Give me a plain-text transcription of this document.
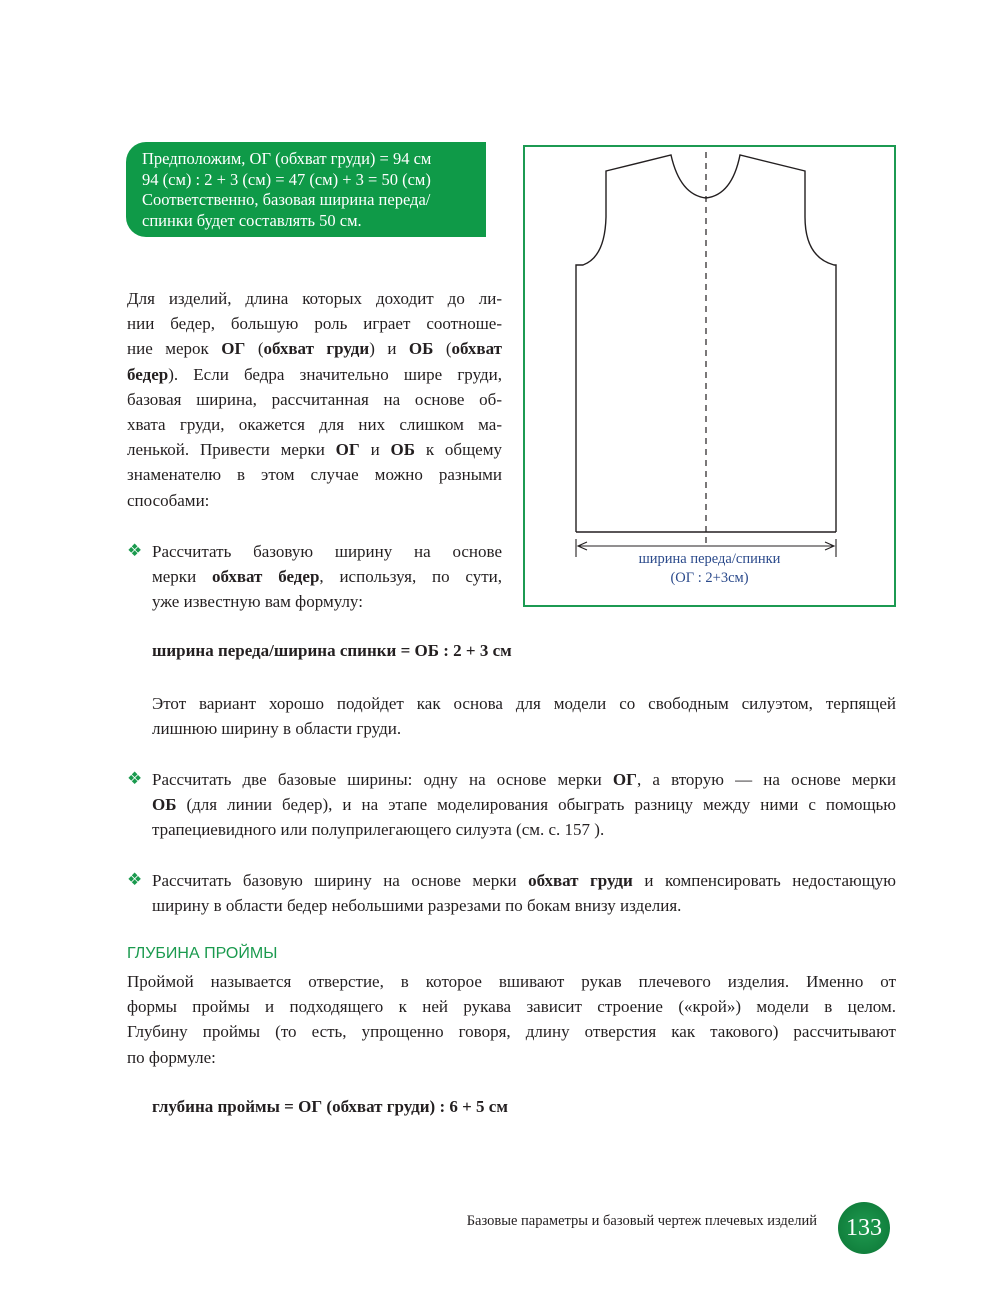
Предположим, ОГ (обхват груди) = 94 см
94 (см) : 2 + 3 (см) = 47 (см) + 3 = 50 (см)
Соответственно, базовая ширина переда/
спинки будет составлять 50 см.
ширина переда/спинки
(ОГ : 2+3см)
Для изделий, длина которых доходит до ли-
нии бедер, большую роль играет соотноше-
ние мерок ОГ (обхват груди) и ОБ (обхват
бедер). Если бедра значительно шире груди,
базовая ширина, рассчитанная на основе об-
хвата груди, окажется для них слишком ма-
ленькой. Привести мерки ОГ и ОБ к общему
знаменателю в этом случае можно разными
способами:
❖ Рассчитать базовую ширину на основе
мерки обхват бедер, используя, по сути,
уже известную вам формулу:
ширина переда/ширина спинки = ОБ : 2 + 3 см
Этот вариант хорошо подойдет как основа для модели со свободным силуэтом, терпящей
лишнюю ширину в области груди.
❖ Рассчитать две базовые ширины: одну на основе мерки ОГ, а вторую — на основе мерки
ОБ (для линии бедер), и на этапе моделирования обыграть разницу между ними с помощью
трапециевидного или полуприлегающего силуэта (см. с. 157 ).
❖ Рассчитать базовую ширину на основе мерки обхват груди и компенсировать недостающую
ширину в области бедер небольшими разрезами по бокам внизу изделия.
ГЛУБИНА ПРОЙМЫ
Проймой называется отверстие, в которое вшивают рукав плечевого изделия. Именно от
формы проймы и подходящего к ней рукава зависит строение («крой») модели в целом.
Глубину проймы (то есть, упрощенно говоря, длину отверстия как такового) рассчитывают
по формуле:
глубина проймы = ОГ (обхват груди) : 6 + 5 см
Базовые параметры и базовый чертеж плечевых изделий	133
